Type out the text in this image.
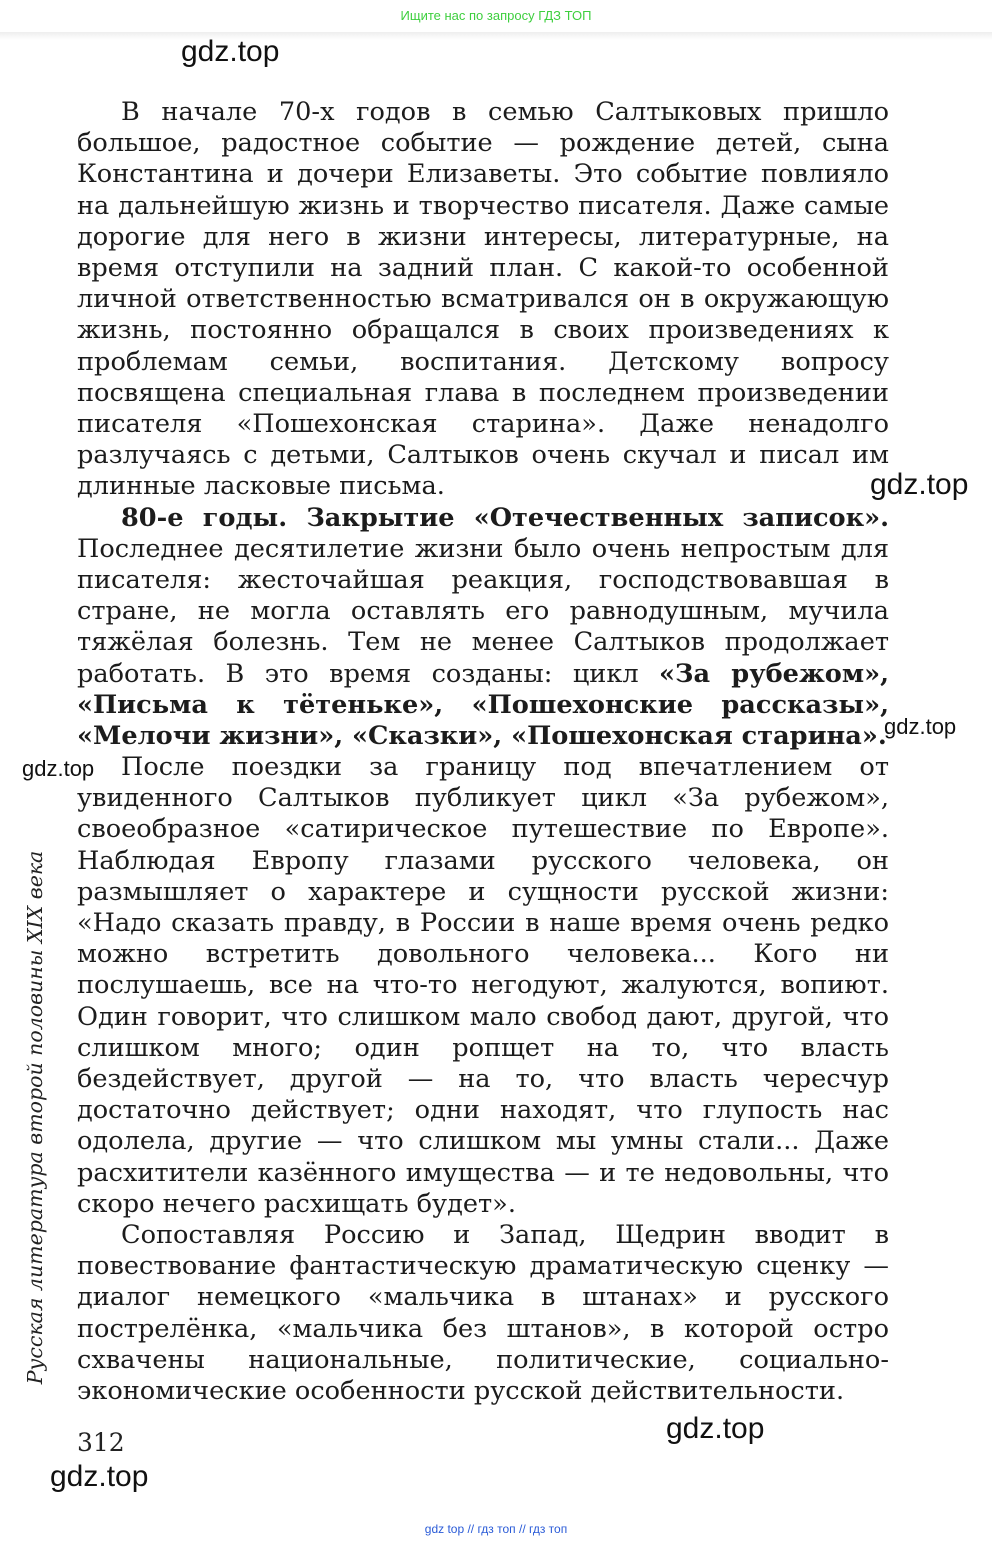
Ищите нас по запросу ГДЗ ТОП
gdz.top
gdz.top
gdz.top
gdz.top

В начале 70-х годов в семью Салтыковых пришло большое, радостное событие — рождение детей, сына Константина и дочери Елизаветы. Это событие повлияло на дальнейшую жизнь и творчество писателя. Даже самые дорогие для него в жизни интересы, литературные, на время отступили на задний план. С какой-то особенной личной ответственностью всматривался он в окружающую жизнь, постоянно обращался в своих произведениях к проблемам семьи, воспитания. Детскому вопросу посвящена специальная глава в последнем произведении писателя «Пошехонская старина». Даже ненадолго разлучаясь с детьми, Салтыков очень скучал и писал им длинные ласковые письма.

80-е годы. Закрытие «Отечественных записок». Последнее десятилетие жизни было очень непростым для писателя: жесточайшая реакция, господствовавшая в стране, не могла оставлять его равнодушным, мучила тяжёлая болезнь. Тем не менее Салтыков продолжает работать. В это время созданы: цикл «За рубежом», «Письма к тётеньке», «Пошехонские рассказы», «Мелочи жизни», «Сказки», «Пошехонская старина».

После поездки за границу под впечатлением от увиденного Салтыков публикует цикл «За рубежом», своеобразное «сатирическое путешествие по Европе». Наблюдая Европу глазами русского человека, он размышляет о характере и сущности русской жизни: «Надо сказать правду, в России в наше время очень редко можно встретить довольного человека... Кого ни послушаешь, все на что-то негодуют, жалуются, вопиют. Один говорит, что слишком мало свобод дают, другой, что слишком много; один ропщет на то, что власть бездействует, другой — на то, что власть чересчур достаточно действует; одни находят, что глупость нас одолела, другие — что слишком мы умны стали... Даже расхитители казённого имущества — и те недовольны, что скоро нечего расхищать будет».

Сопоставляя Россию и Запад, Щедрин вводит в повествование фантастическую драматическую сценку — диалог немецкого «мальчика в штанах» и русского пострелёнка, «мальчика без штанов», в которой остро схвачены национальные, политические, социально-экономические особенности русской действительности.

Русская литература второй половины XIX века
312	gdz.top
gdz.top
gdz top // гдз топ // гдз топ
